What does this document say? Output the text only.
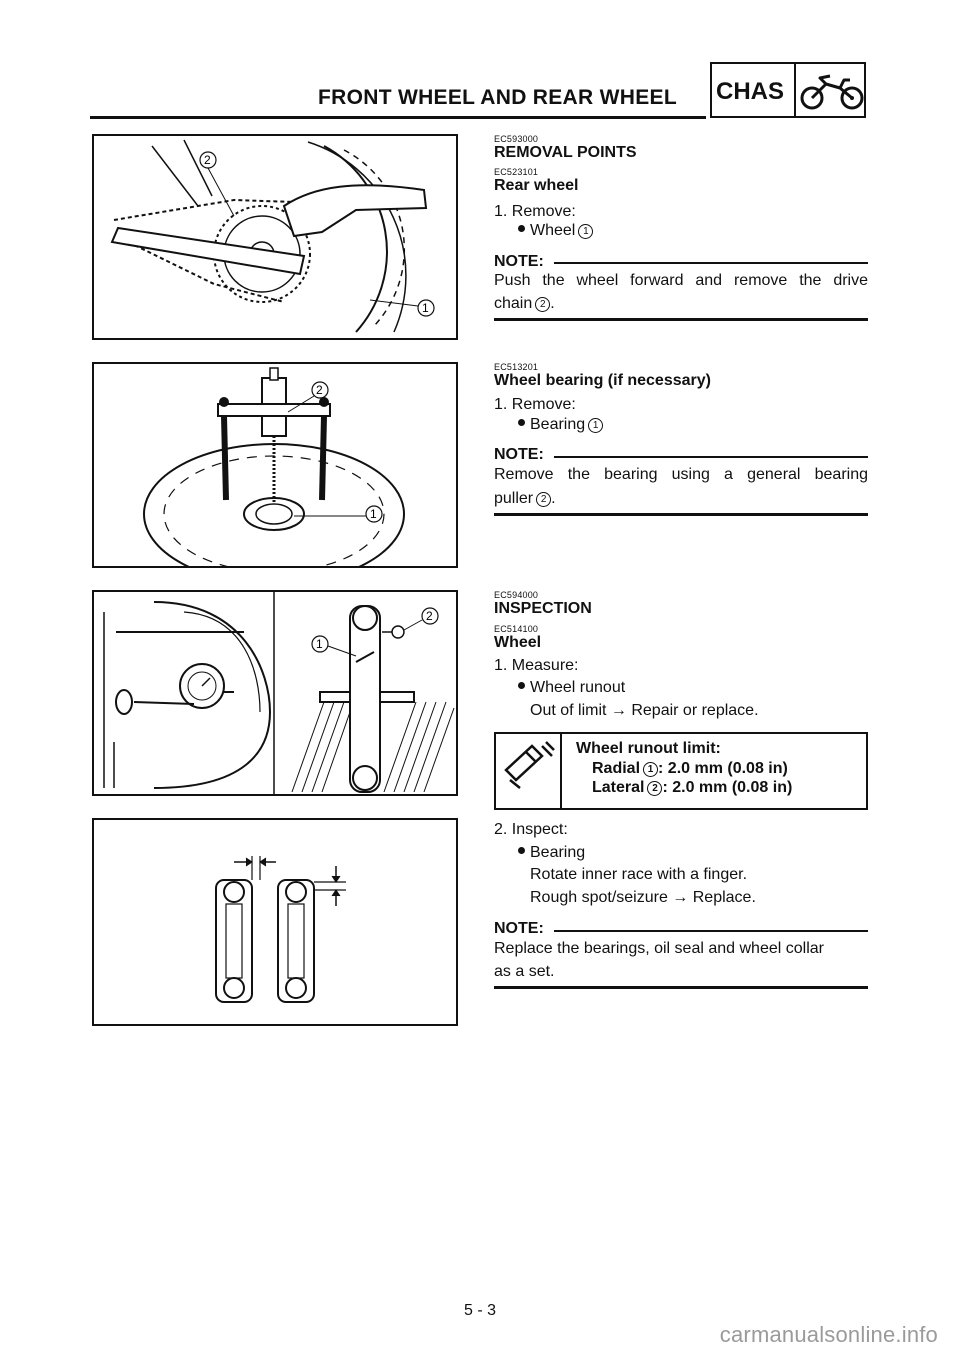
FRONT WHEEL AND REAR WHEEL CHAS
2
1
2
1
1
2
EC593000
REMOVAL POINTS
EC523101
Rear wheel
1. Remove:
Wheel 1
NOTE:
Push the wheel forward and remove the drive
chain 2 .
EC513201
Wheel bearing (if necessary)
1. Remove:
Bearing 1
NOTE:
Remove the bearing using a general bearing
puller 2 .
EC594000
INSPECTION
EC514100
Wheel
1. Measure:
Wheel runout
Out of limit → Repair or replace.
Wheel runout limit:
Radial 1 : 2.0 mm (0.08 in)
Lateral 2 : 2.0 mm (0.08 in)
2. Inspect:
Bearing
Rotate inner race with a finger.
Rough spot/seizure → Replace.
NOTE:
Replace the bearings, oil seal and wheel collar
as a set.
5 - 3
carmanualsonline.info
